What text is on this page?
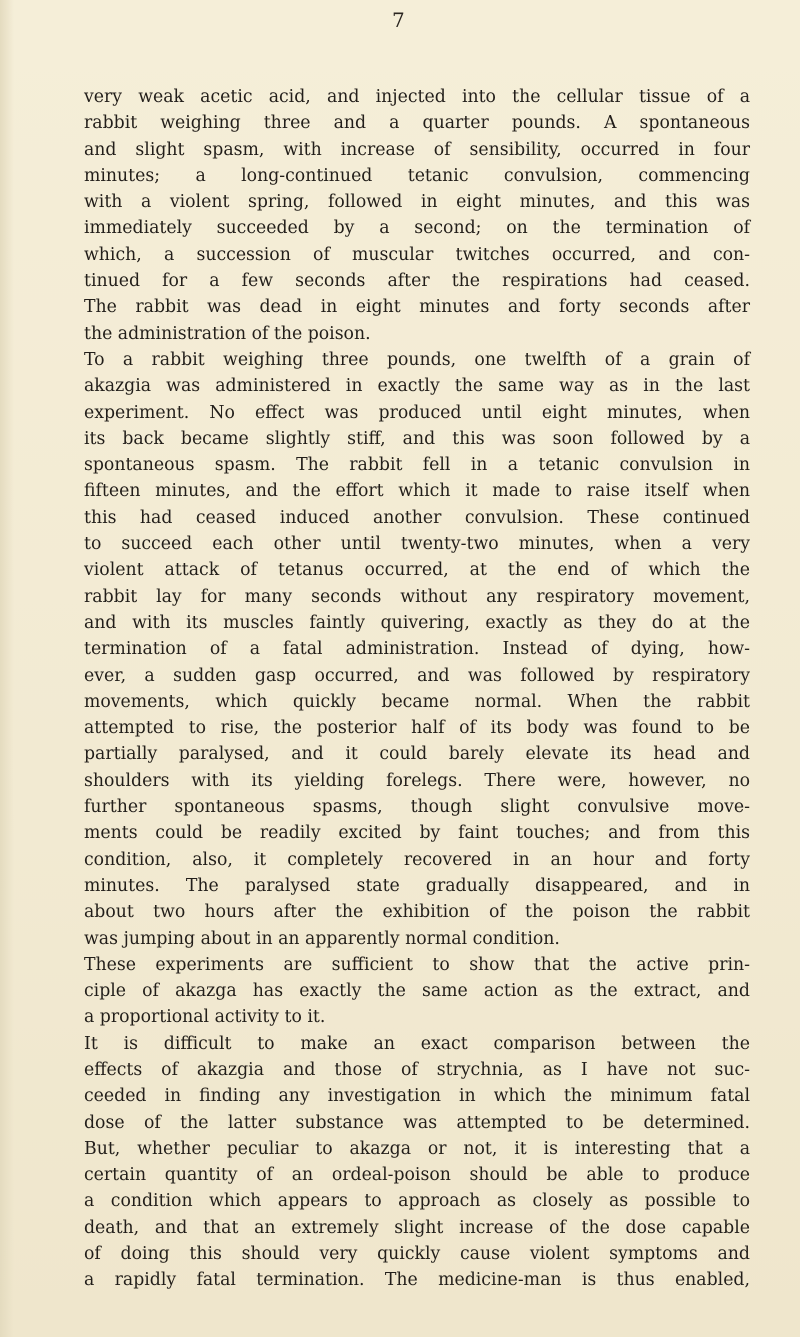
7
very weak acetic acid, and injected into the cellular tissue of a
rabbit weighing three and a quarter pounds. A spontaneous
and slight spasm, with increase of sensibility, occurred in four
minutes; a long-continued tetanic convulsion, commencing
with a violent spring, followed in eight minutes, and this was
immediately succeeded by a second; on the termination of
which, a succession of muscular twitches occurred, and con-
tinued for a few seconds after the respirations had ceased.
The rabbit was dead in eight minutes and forty seconds after
the administration of the poison.
To a rabbit weighing three pounds, one twelfth of a grain of
akazgia was administered in exactly the same way as in the last
experiment. No effect was produced until eight minutes, when
its back became slightly stiff, and this was soon followed by a
spontaneous spasm. The rabbit fell in a tetanic convulsion in
fifteen minutes, and the effort which it made to raise itself when
this had ceased induced another convulsion. These continued
to succeed each other until twenty-two minutes, when a very
violent attack of tetanus occurred, at the end of which the
rabbit lay for many seconds without any respiratory movement,
and with its muscles faintly quivering, exactly as they do at the
termination of a fatal administration. Instead of dying, how-
ever, a sudden gasp occurred, and was followed by respiratory
movements, which quickly became normal. When the rabbit
attempted to rise, the posterior half of its body was found to be
partially paralysed, and it could barely elevate its head and
shoulders with its yielding forelegs. There were, however, no
further spontaneous spasms, though slight convulsive move-
ments could be readily excited by faint touches; and from this
condition, also, it completely recovered in an hour and forty
minutes. The paralysed state gradually disappeared, and in
about two hours after the exhibition of the poison the rabbit
was jumping about in an apparently normal condition.
These experiments are sufficient to show that the active prin-
ciple of akazga has exactly the same action as the extract, and
a proportional activity to it.
It is difficult to make an exact comparison between the
effects of akazgia and those of strychnia, as I have not suc-
ceeded in finding any investigation in which the minimum fatal
dose of the latter substance was attempted to be determined.
But, whether peculiar to akazga or not, it is interesting that a
certain quantity of an ordeal-poison should be able to produce
a condition which appears to approach as closely as possible to
death, and that an extremely slight increase of the dose capable
of doing this should very quickly cause violent symptoms and
a rapidly fatal termination. The medicine-man is thus enabled,
